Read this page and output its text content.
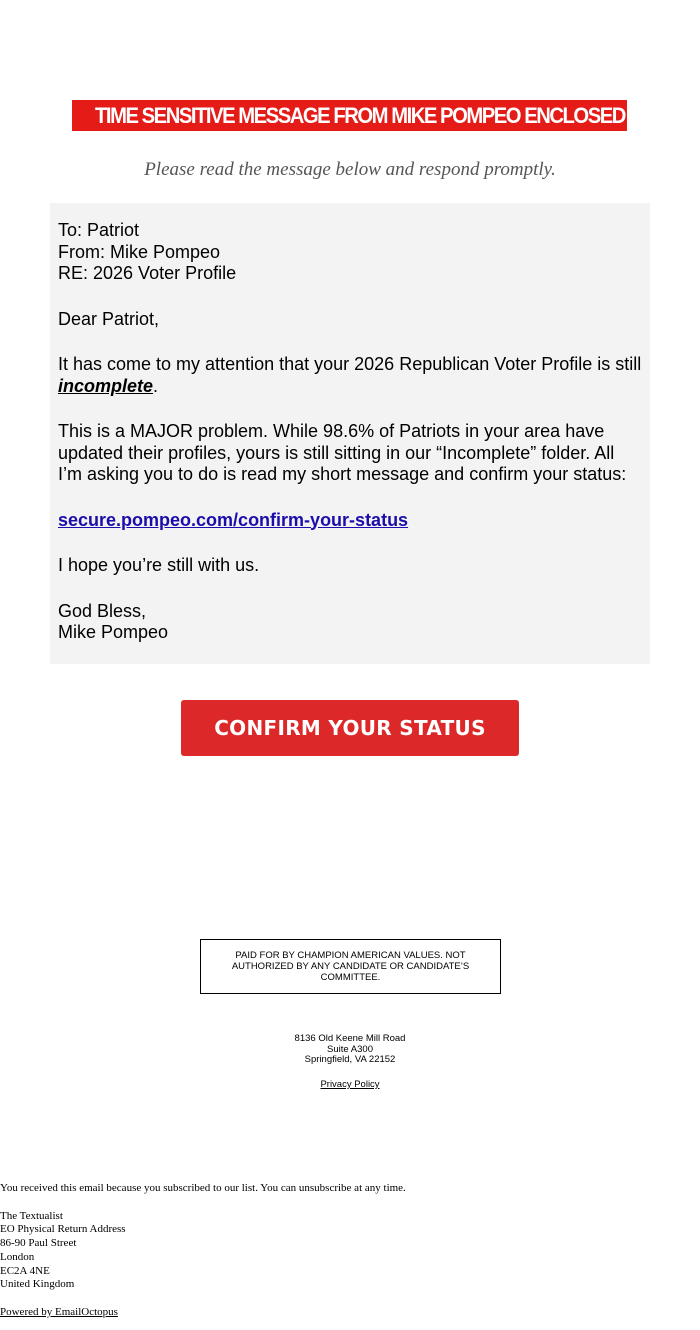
TIME SENSITIVE MESSAGE FROM MIKE POMPEO ENCLOSED
Please read the message below and respond promptly.

To: Patriot
From: Mike Pompeo
RE: 2026 Voter Profile

Dear Patriot,

It has come to my attention that your 2026 Republican Voter Profile is still incomplete.

This is a MAJOR problem. While 98.6% of Patriots in your area have updated their profiles, yours is still sitting in our “Incomplete” folder. All I’m asking you to do is read my short message and confirm your status:

secure.pompeo.com/confirm-your-status

I hope you’re still with us.

God Bless,
Mike Pompeo

CONFIRM YOUR STATUS
PAID FOR BY CHAMPION AMERICAN VALUES. NOT AUTHORIZED BY ANY CANDIDATE OR CANDIDATE’S COMMITTEE.
8136 Old Keene Mill Road
Suite A300
Springfield, VA 22152
Privacy Policy
You received this email because you subscribed to our list. You can unsubscribe at any time.
The Textualist
EO Physical Return Address
86-90 Paul Street
London
EC2A 4NE
United Kingdom
Powered by EmailOctopus
